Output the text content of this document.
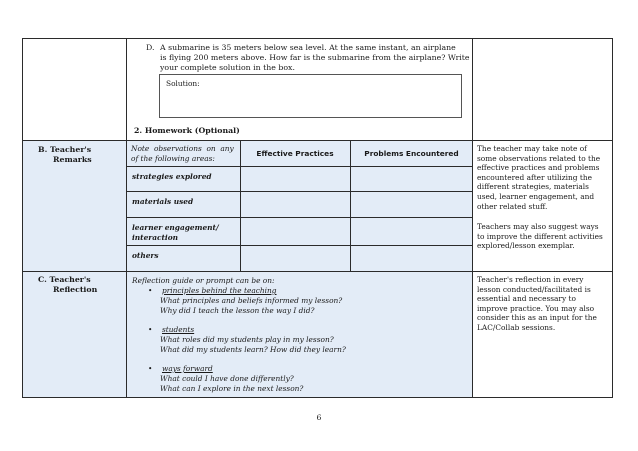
D. A submarine is 35 meters below sea level. At the same instant, an airplane
is flying 200 meters above. How far is the submarine from the airplane? Write
your complete solution in the box.
Solution:
2. Homework (Optional)
B. Teacher's
Remarks
Note  observations  on  any
of the following areas:
Effective Practices	Problems Encountered
strategies explored
materials used
learner engagement/
interaction
others
The teacher may take note of
some observations related to the
effective practices and problems
encountered after utilizing the
different strategies, materials
used, learner engagement, and
other related stuff.
Teachers may also suggest ways
to improve the different activities
explored/lesson exemplar.
C. Teacher's
Reflection
Reflection guide or prompt can be on:
• principles behind the teaching
What principles and beliefs informed my lesson?
Why did I teach the lesson the way I did?
• students
What roles did my students play in my lesson?
What did my students learn? How did they learn?
• ways forward
What could I have done differently?
What can I explore in the next lesson?
Teacher's reflection in every
lesson conducted/facilitated is
essential and necessary to
improve practice. You may also
consider this as an input for the
LAC/Collab sessions.
6
